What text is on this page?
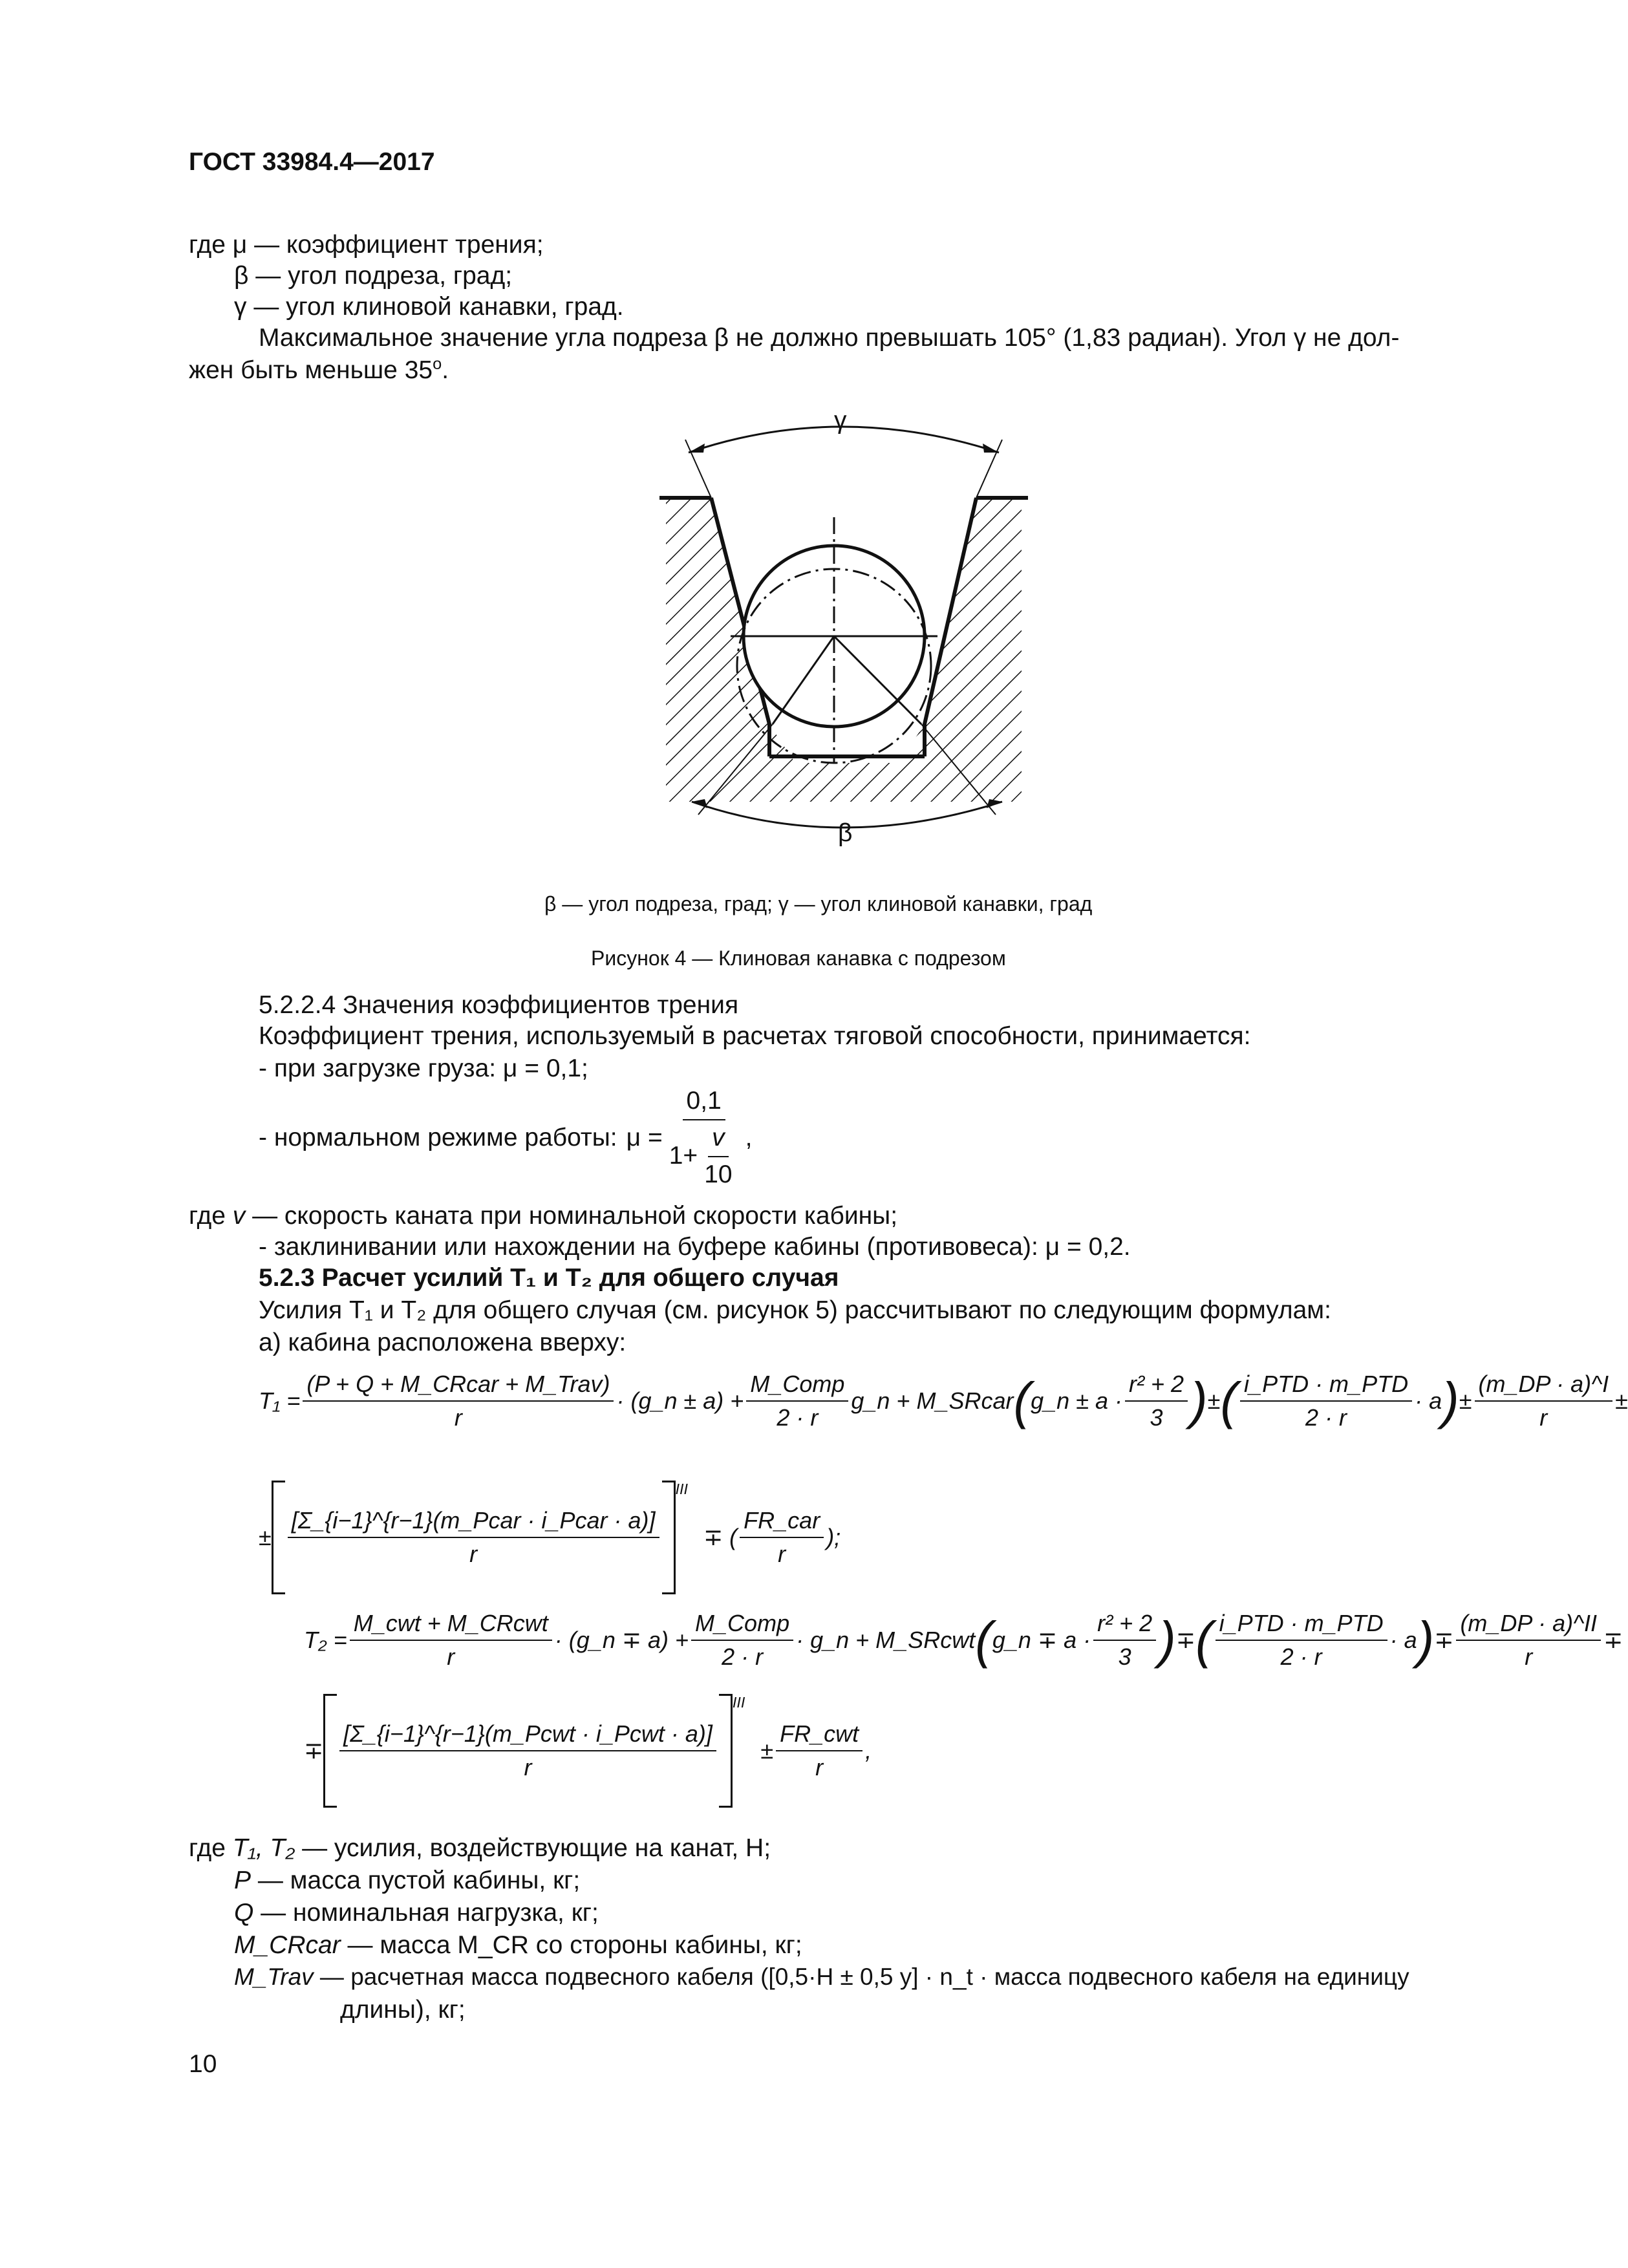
ГОСТ 33984.4—2017
где μ — коэффициент трения;
β — угол подреза, град;
γ — угол клиновой канавки, град.
Максимальное значение угла подреза β не должно превышать 105° (1,83 радиан). Угол γ не дол-
жен быть меньше $35^о$.
γ
β
β — угол подреза, град; γ — угол клиновой канавки, град
Рисунок 4 — Клиновая канавка с подрезом
5.2.2.4 Значения коэффициентов трения
Коэффициент трения, используемый в расчетах тяговой способности, принимается:
- при загрузке груза: μ = 0,1;
- нормальном режиме работы: $\mu = \frac{0,1}{1+ \frac{v}{10}}$ ,
где v — скорость каната при номинальной скорости кабины;
- заклинивании или нахождении на буфере кабины (противовеса): μ = 0,2.
5.2.3 Расчет усилий T₁ и T₂ для общего случая
Усилия T₁ и T₂ для общего случая (см. рисунок 5) рассчитывают по следующим формулам:
а) кабина расположена вверху:
$T_1 = \frac{\text{(P + Q + M\_CRcar + M\_Trav)}}{r}$ · (g_n ± $a) + \frac{\text{M\_Comp}}{2 \cdot r}$ g_n + M_SRcar ( g_n ± $a \cdot \frac{\text{r² + 2}}{3}$ ) ± ( $\frac{\text{i\_PTD · m\_PTD}}{2 \cdot r} \cdot a$ ) ± $\frac{(m\_DP \cdot a)\^{}I}{r}$ ±
± $\frac{\text{[Σ\_\{i−1\}\textasciicircum{}\{r−1\}(m\_Pcar · i\_Pcar · a)]}}{r}$
$^{III}$
∓ ( $\frac{\text{FR\_car}}{r}$ );
$T_2 = \frac{\text{M\_cwt + M\_CRcwt}}{r}$ · (g_n ∓ $a) + \frac{\text{M\_Comp}}{2 \cdot r}$ · g_n + M_SRcwt ( g_n ∓ $a \cdot \frac{\text{r² + 2}}{3}$ ) ∓ ( $\frac{\text{i\_PTD · m\_PTD}}{2 \cdot r} \cdot a$ ) ∓ $\frac{(m\_DP \cdot a)\^{}II}{r}$ ∓
∓ $\frac{\text{[Σ\_\{i−1\}\textasciicircum{}\{r−1\}(m\_Pcwt · i\_Pcwt · a)]}}{r}$
$^{III}$
± $\frac{\text{FR\_cwt}}{r}$ ,
где T₁, T₂ — усилия, воздействующие на канат, Н;
P — масса пустой кабины, кг;
Q — номинальная нагрузка, кг;
M_CRcar — масса M_CR со стороны кабины, кг;
M_Trav — расчетная масса подвесного кабеля ([0,5·H ± 0,5 y] · n_t · масса подвесного кабеля на единицу
длины), кг;
10
